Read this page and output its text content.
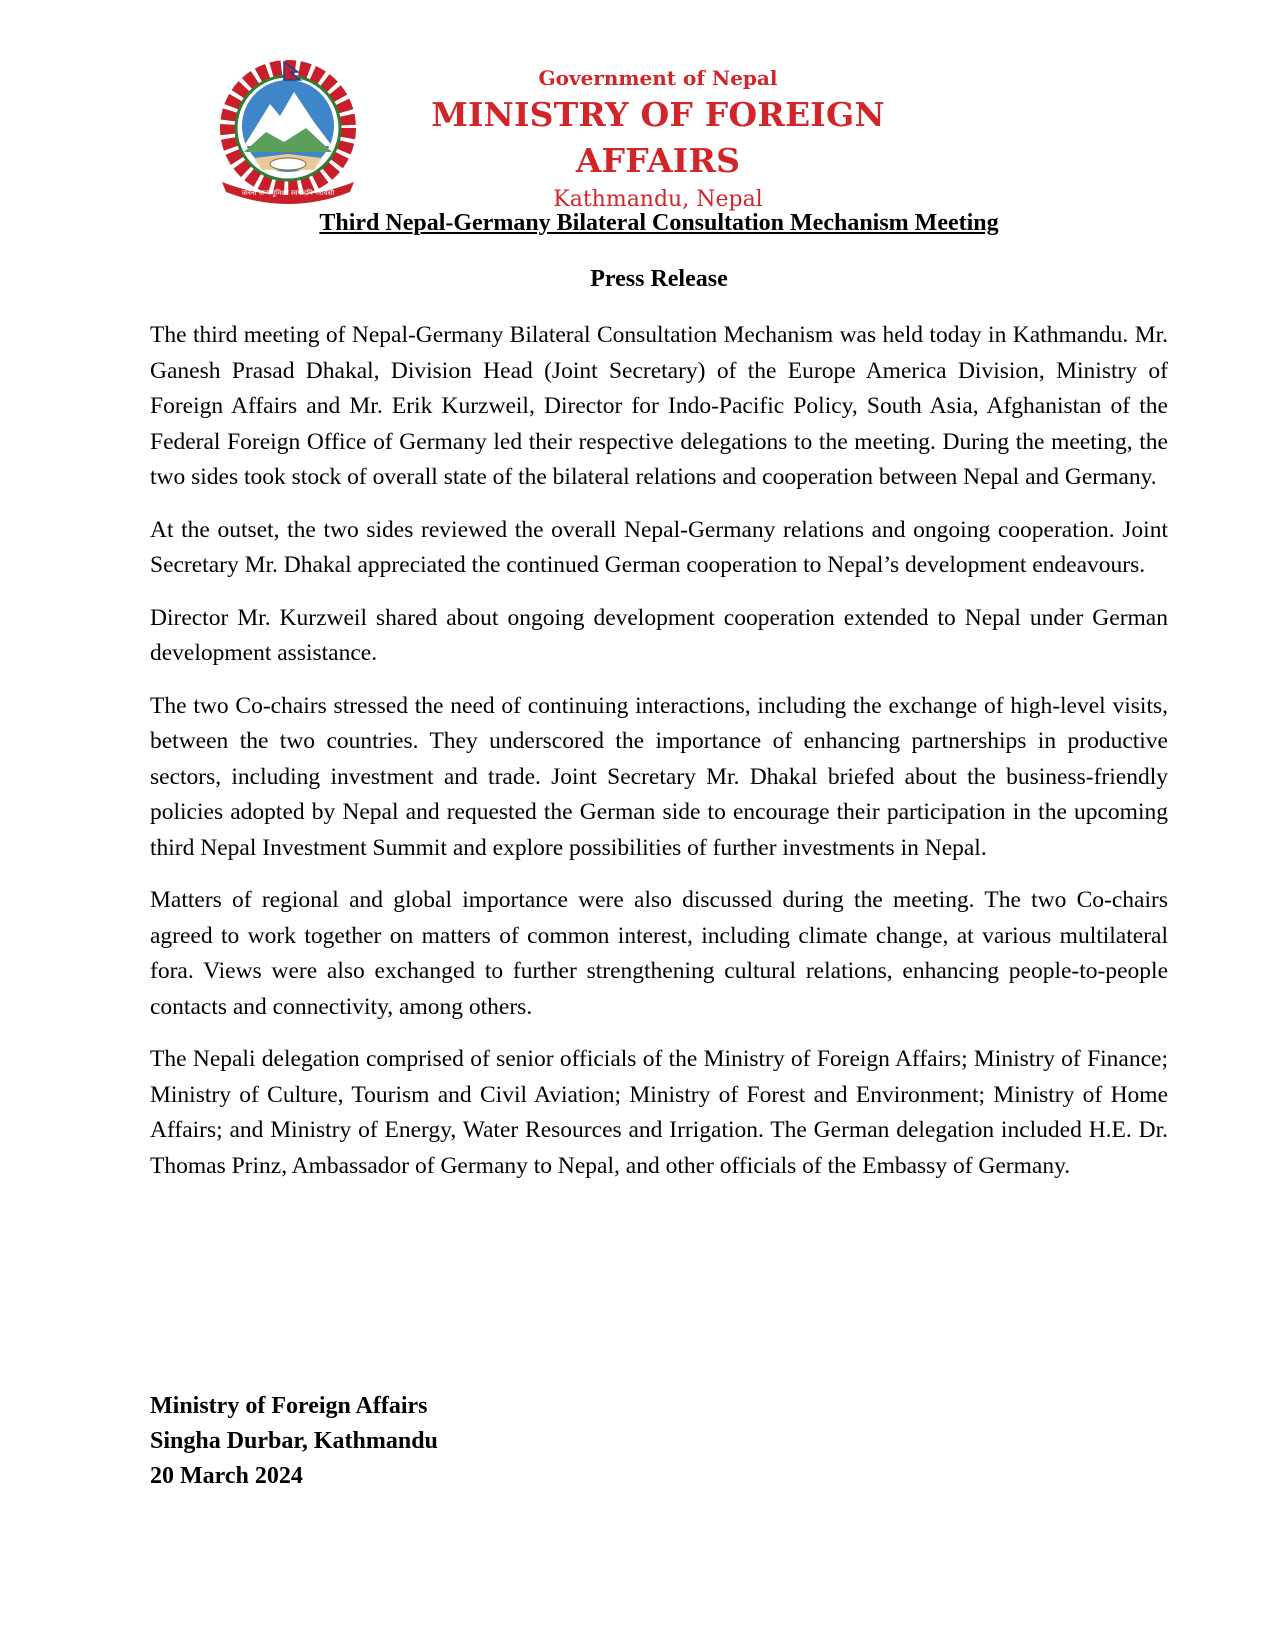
जननी जन्मभूमिश्च स्वर्गादपि गरीयसी
Government of Nepal
MINISTRY OF FOREIGN AFFAIRS
Kathmandu, Nepal
Third Nepal-Germany Bilateral Consultation Mechanism Meeting
Press Release

The third meeting of Nepal-Germany Bilateral Consultation Mechanism was held today in Kathmandu. Mr. Ganesh Prasad Dhakal, Division Head (Joint Secretary) of the Europe America Division, Ministry of Foreign Affairs and Mr. Erik Kurzweil, Director for Indo-Pacific Policy, South Asia, Afghanistan of the Federal Foreign Office of Germany led their respective delegations to the meeting. During the meeting, the two sides took stock of overall state of the bilateral relations and cooperation between Nepal and Germany.

At the outset, the two sides reviewed the overall Nepal-Germany relations and ongoing cooperation. Joint Secretary Mr. Dhakal appreciated the continued German cooperation to Nepal’s development endeavours.

Director Mr. Kurzweil shared about ongoing development cooperation extended to Nepal under German development assistance.

The two Co-chairs stressed the need of continuing interactions, including the exchange of high-level visits, between the two countries. They underscored the importance of enhancing partnerships in productive sectors, including investment and trade. Joint Secretary Mr. Dhakal briefed about the business-friendly policies adopted by Nepal and requested the German side to encourage their participation in the upcoming third Nepal Investment Summit and explore possibilities of further investments in Nepal.

Matters of regional and global importance were also discussed during the meeting. The two Co-chairs agreed to work together on matters of common interest, including climate change, at various multilateral fora. Views were also exchanged to further strengthening cultural relations, enhancing people-to-people contacts and connectivity, among others.

The Nepali delegation comprised of senior officials of the Ministry of Foreign Affairs; Ministry of Finance; Ministry of Culture, Tourism and Civil Aviation; Ministry of Forest and Environment; Ministry of Home Affairs; and Ministry of Energy, Water Resources and Irrigation. The German delegation included H.E. Dr. Thomas Prinz, Ambassador of Germany to Nepal, and other officials of the Embassy of Germany.

Ministry of Foreign Affairs
Singha Durbar, Kathmandu
20 March 2024
